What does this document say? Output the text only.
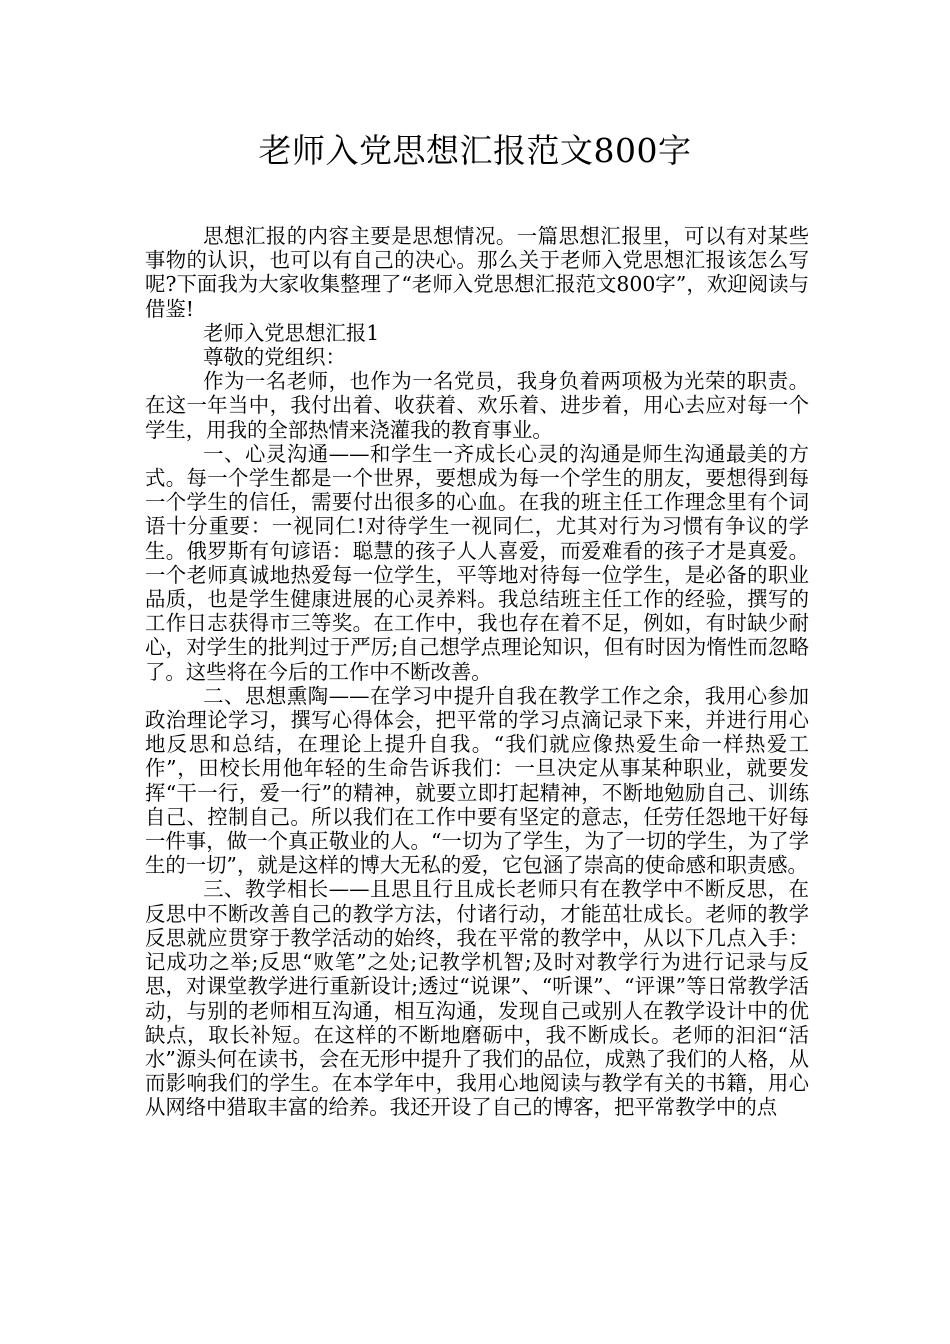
老师入党思想汇报范文800字

思想汇报的内容主要是思想情况。一篇思想汇报里，可以有对某些事物的认识，也可以有自己的决心。那么关于老师入党思想汇报该怎么写呢?下面我为大家收集整理了“老师入党思想汇报范文800字”，欢迎阅读与借鉴!

老师入党思想汇报1

尊敬的党组织：

作为一名老师，也作为一名党员，我身负着两项极为光荣的职责。在这一年当中，我付出着、收获着、欢乐着、进步着，用心去应对每一个学生，用我的全部热情来浇灌我的教育事业。

一、心灵沟通——和学生一齐成长心灵的沟通是师生沟通最美的方式。每一个学生都是一个世界，要想成为每一个学生的朋友，要想得到每一个学生的信任，需要付出很多的心血。在我的班主任工作理念里有个词语十分重要：一视同仁!对待学生一视同仁，尤其对行为习惯有争议的学生。俄罗斯有句谚语：聪慧的孩子人人喜爱，而爱难看的孩子才是真爱。一个老师真诚地热爱每一位学生，平等地对待每一位学生，是必备的职业品质，也是学生健康进展的心灵养料。我总结班主任工作的经验，撰写的工作日志获得市三等奖。在工作中，我也存在着不足，例如，有时缺少耐心，对学生的批判过于严厉;自己想学点理论知识，但有时因为惰性而忽略了。这些将在今后的工作中不断改善。

二、思想熏陶——在学习中提升自我在教学工作之余，我用心参加政治理论学习，撰写心得体会，把平常的学习点滴记录下来，并进行用心地反思和总结，在理论上提升自我。“我们就应像热爱生命一样热爱工作”，田校长用他年轻的生命告诉我们：一旦决定从事某种职业，就要发挥“干一行，爱一行”的精神，就要立即打起精神，不断地勉励自己、训练自己、控制自己。所以我们在工作中要有坚定的意志，任劳任怨地干好每一件事，做一个真正敬业的人。“一切为了学生，为了一切的学生，为了学生的一切”，就是这样的博大无私的爱，它包涵了崇高的使命感和职责感。

三、教学相长——且思且行且成长老师只有在教学中不断反思，在反思中不断改善自己的教学方法，付诸行动，才能茁壮成长。老师的教学反思就应贯穿于教学活动的始终，我在平常的教学中，从以下几点入手：记成功之举;反思“败笔”之处;记教学机智;及时对教学行为进行记录与反思，对课堂教学进行重新设计;透过“说课”、“听课”、“评课”等日常教学活动，与别的老师相互沟通，相互沟通，发现自己或别人在教学设计中的优缺点，取长补短。在这样的不断地磨砺中，我不断成长。老师的汩汩“活水”源头何在读书，会在无形中提升了我们的品位，成熟了我们的人格，从而影响我们的学生。在本学年中，我用心地阅读与教学有关的书籍，用心从网络中猎取丰富的给养。我还开设了自己的博客，把平常教学中的点
